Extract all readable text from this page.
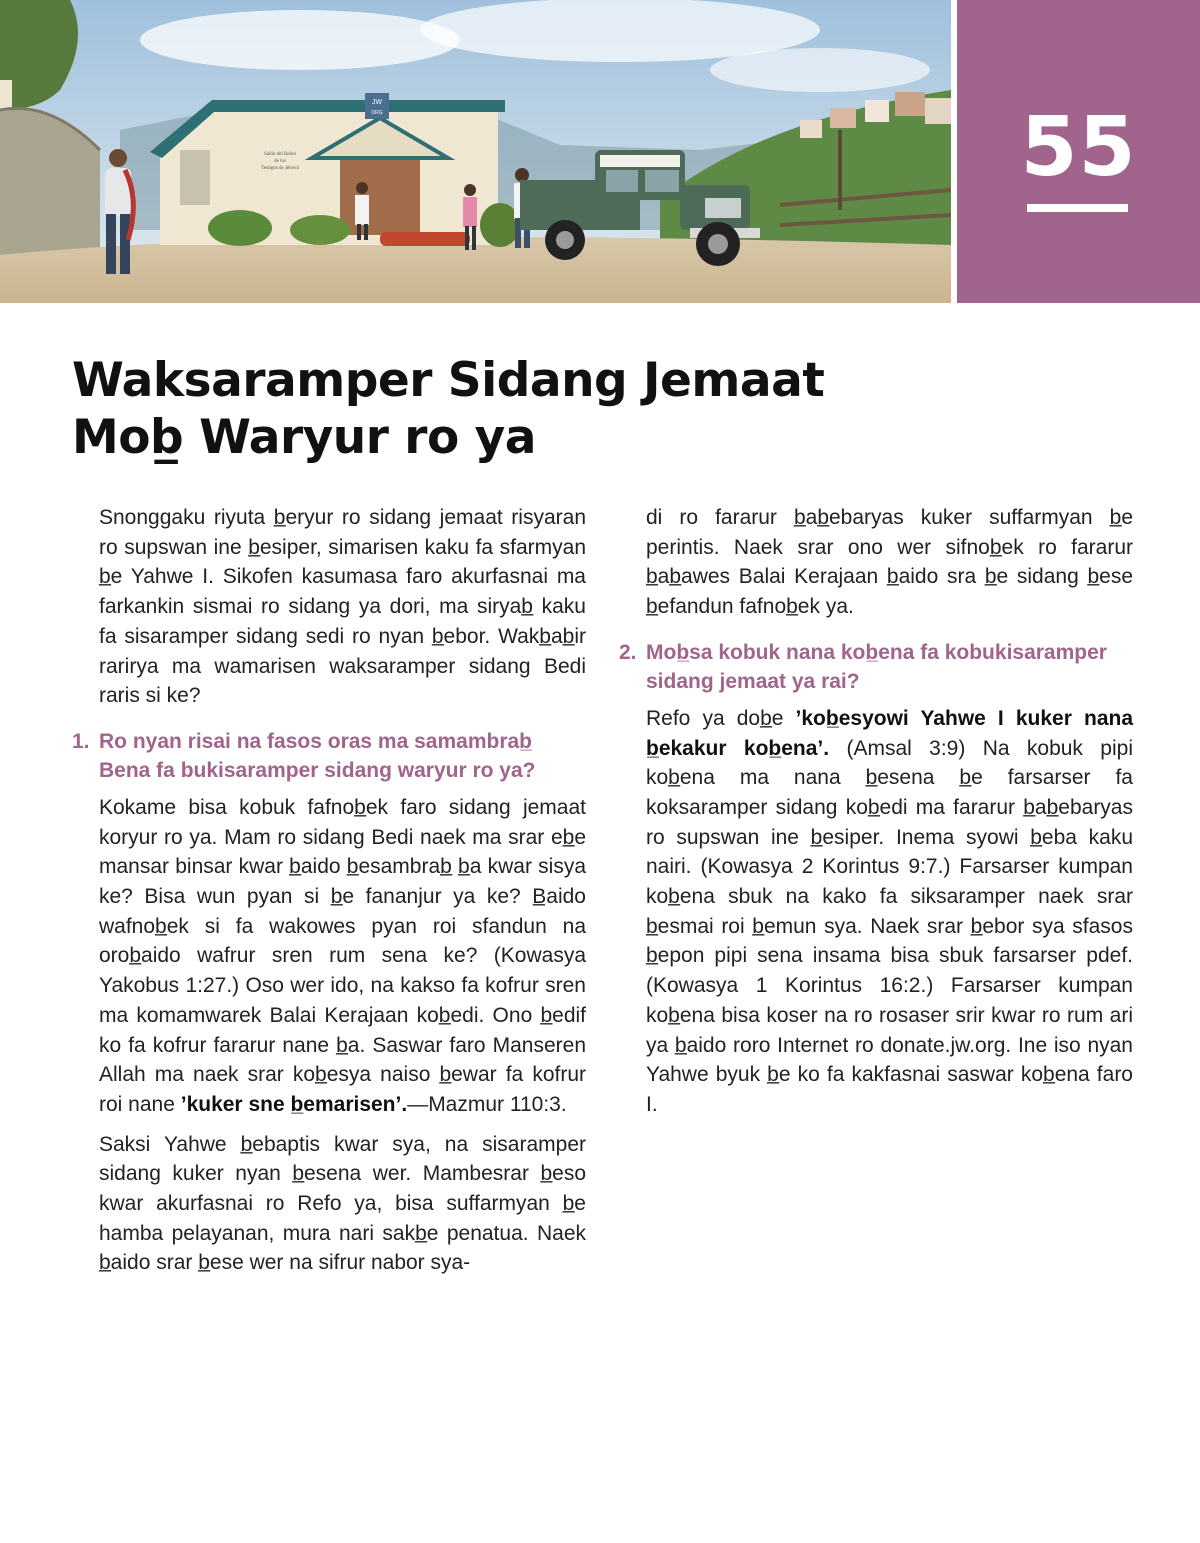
JW
ORG
Salón del Reino
de los
Testigos de Jehová	55
Waksaramper Sidang Jemaat
Mob̲ Waryur ro ya

Snonggaku riyuta b̲eryur ro sidang jemaat risyaran ro supswan ine b̲esiper, simarisen kaku fa sfarmyan b̲e Yahwe I. Sikofen kasumasa faro akurfasnai ma farkankin sismai ro sidang ya dori, ma siryab̲ kaku fa sisaramper sidang sedi ro nyan b̲ebor. Wakb̲ab̲ir rarirya ma wamarisen waksaramper sidang Bedi raris si ke?

1. Ro nyan risai na fasos oras ma samambrab̲ Bena fa bukisaramper sidang waryur ro ya?

Kokame bisa kobuk fafnob̲ek faro sidang jemaat koryur ro ya. Mam ro sidang Bedi naek ma srar eb̲e mansar binsar kwar b̲aido b̲esambrab̲ b̲a kwar sisya ke? Bisa wun pyan si b̲e fananjur ya ke? B̲aido wafnob̲ek si fa wakowes pyan roi sfandun na orob̲aido wafrur sren rum sena ke? (Kowasya Yakobus 1:27.) Oso wer ido, na kakso fa kofrur sren ma komamwarek Balai Kerajaan kob̲edi. Ono b̲edif ko fa kofrur fararur nane b̲a. Saswar faro Manseren Allah ma naek srar kob̲esya naiso b̲ewar fa kofrur roi nane ’kuker sne b̲emarisen’.—Mazmur 110:3.

Saksi Yahwe b̲ebaptis kwar sya, na sisaramper sidang kuker nyan b̲esena wer. Mambesrar b̲eso kwar akurfasnai ro Refo ya, bisa suffarmyan b̲e hamba pelayanan, mura nari sakb̲e penatua. Naek b̲aido srar b̲ese wer na sifrur nabor sya-

di ro fararur b̲ab̲ebaryas kuker suffarmyan b̲e perintis. Naek srar ono wer sifnob̲ek ro fararur b̲ab̲awes Balai Kerajaan b̲aido sra b̲e sidang b̲ese b̲efandun fafnob̲ek ya.

2. Mob̲sa kobuk nana kob̲ena fa kobukisaramper sidang jemaat ya rai?

Refo ya dob̲e ’kob̲esyowi Yahwe I kuker nana b̲ekakur kob̲ena’. (Amsal 3:9) Na kobuk pipi kob̲ena ma nana b̲esena b̲e farsarser fa koksaramper sidang kob̲edi ma fararur b̲ab̲ebaryas ro supswan ine b̲esiper. Inema syowi b̲eba kaku nairi. (Kowasya 2 Korintus 9:7.) Farsarser kumpan kob̲ena sbuk na kako fa siksaramper naek srar b̲esmai roi b̲emun sya. Naek srar b̲ebor sya sfasos b̲epon pipi sena insama bisa sbuk farsarser pdef. (Kowasya 1 Korintus 16:2.) Farsarser kumpan kob̲ena bisa koser na ro rosaser srir kwar ro rum ari ya b̲aido roro Internet ro donate.jw.org. Ine iso nyan Yahwe byuk b̲e ko fa kakfasnai saswar kob̲ena faro I.
